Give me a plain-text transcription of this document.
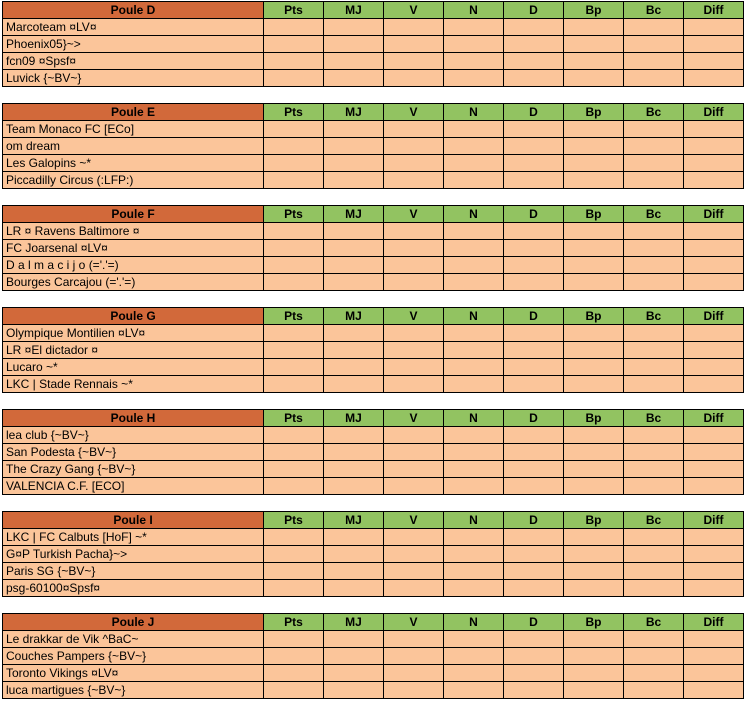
Poule D	Pts	MJ	V	N	D	Bp	Bc	Diff
Marcoteam ¤LV¤								
Phoenix05}~>								
fcn09 ¤Spsf¤								
Luvick {~BV~}								
Poule E	Pts	MJ	V	N	D	Bp	Bc	Diff
Team Monaco FC [ECo]								
om dream								
Les Galopins ~*								
Piccadilly Circus (:LFP:)								
Poule F	Pts	MJ	V	N	D	Bp	Bc	Diff
LR ¤ Ravens Baltimore ¤								
FC Joarsenal ¤LV¤								
D a l m a c i j o (='.'=)								
Bourges Carcajou (='.'=)								
Poule G	Pts	MJ	V	N	D	Bp	Bc	Diff
Olympique Montilien ¤LV¤								
LR ¤El dictador ¤								
Lucaro ~*								
LKC | Stade Rennais ~*								
Poule H	Pts	MJ	V	N	D	Bp	Bc	Diff
lea club {~BV~}								
San Podesta {~BV~}								
The Crazy Gang {~BV~}								
VALENCIA C.F. [ECO]								
Poule I	Pts	MJ	V	N	D	Bp	Bc	Diff
LKC | FC Calbuts [HoF] ~*								
G¤P Turkish Pacha}~>								
Paris SG {~BV~}								
psg-60100¤Spsf¤								
Poule J	Pts	MJ	V	N	D	Bp	Bc	Diff
Le drakkar de Vik ^BaC~								
Couches Pampers {~BV~}								
Toronto Vikings ¤LV¤								
luca martigues {~BV~}								
